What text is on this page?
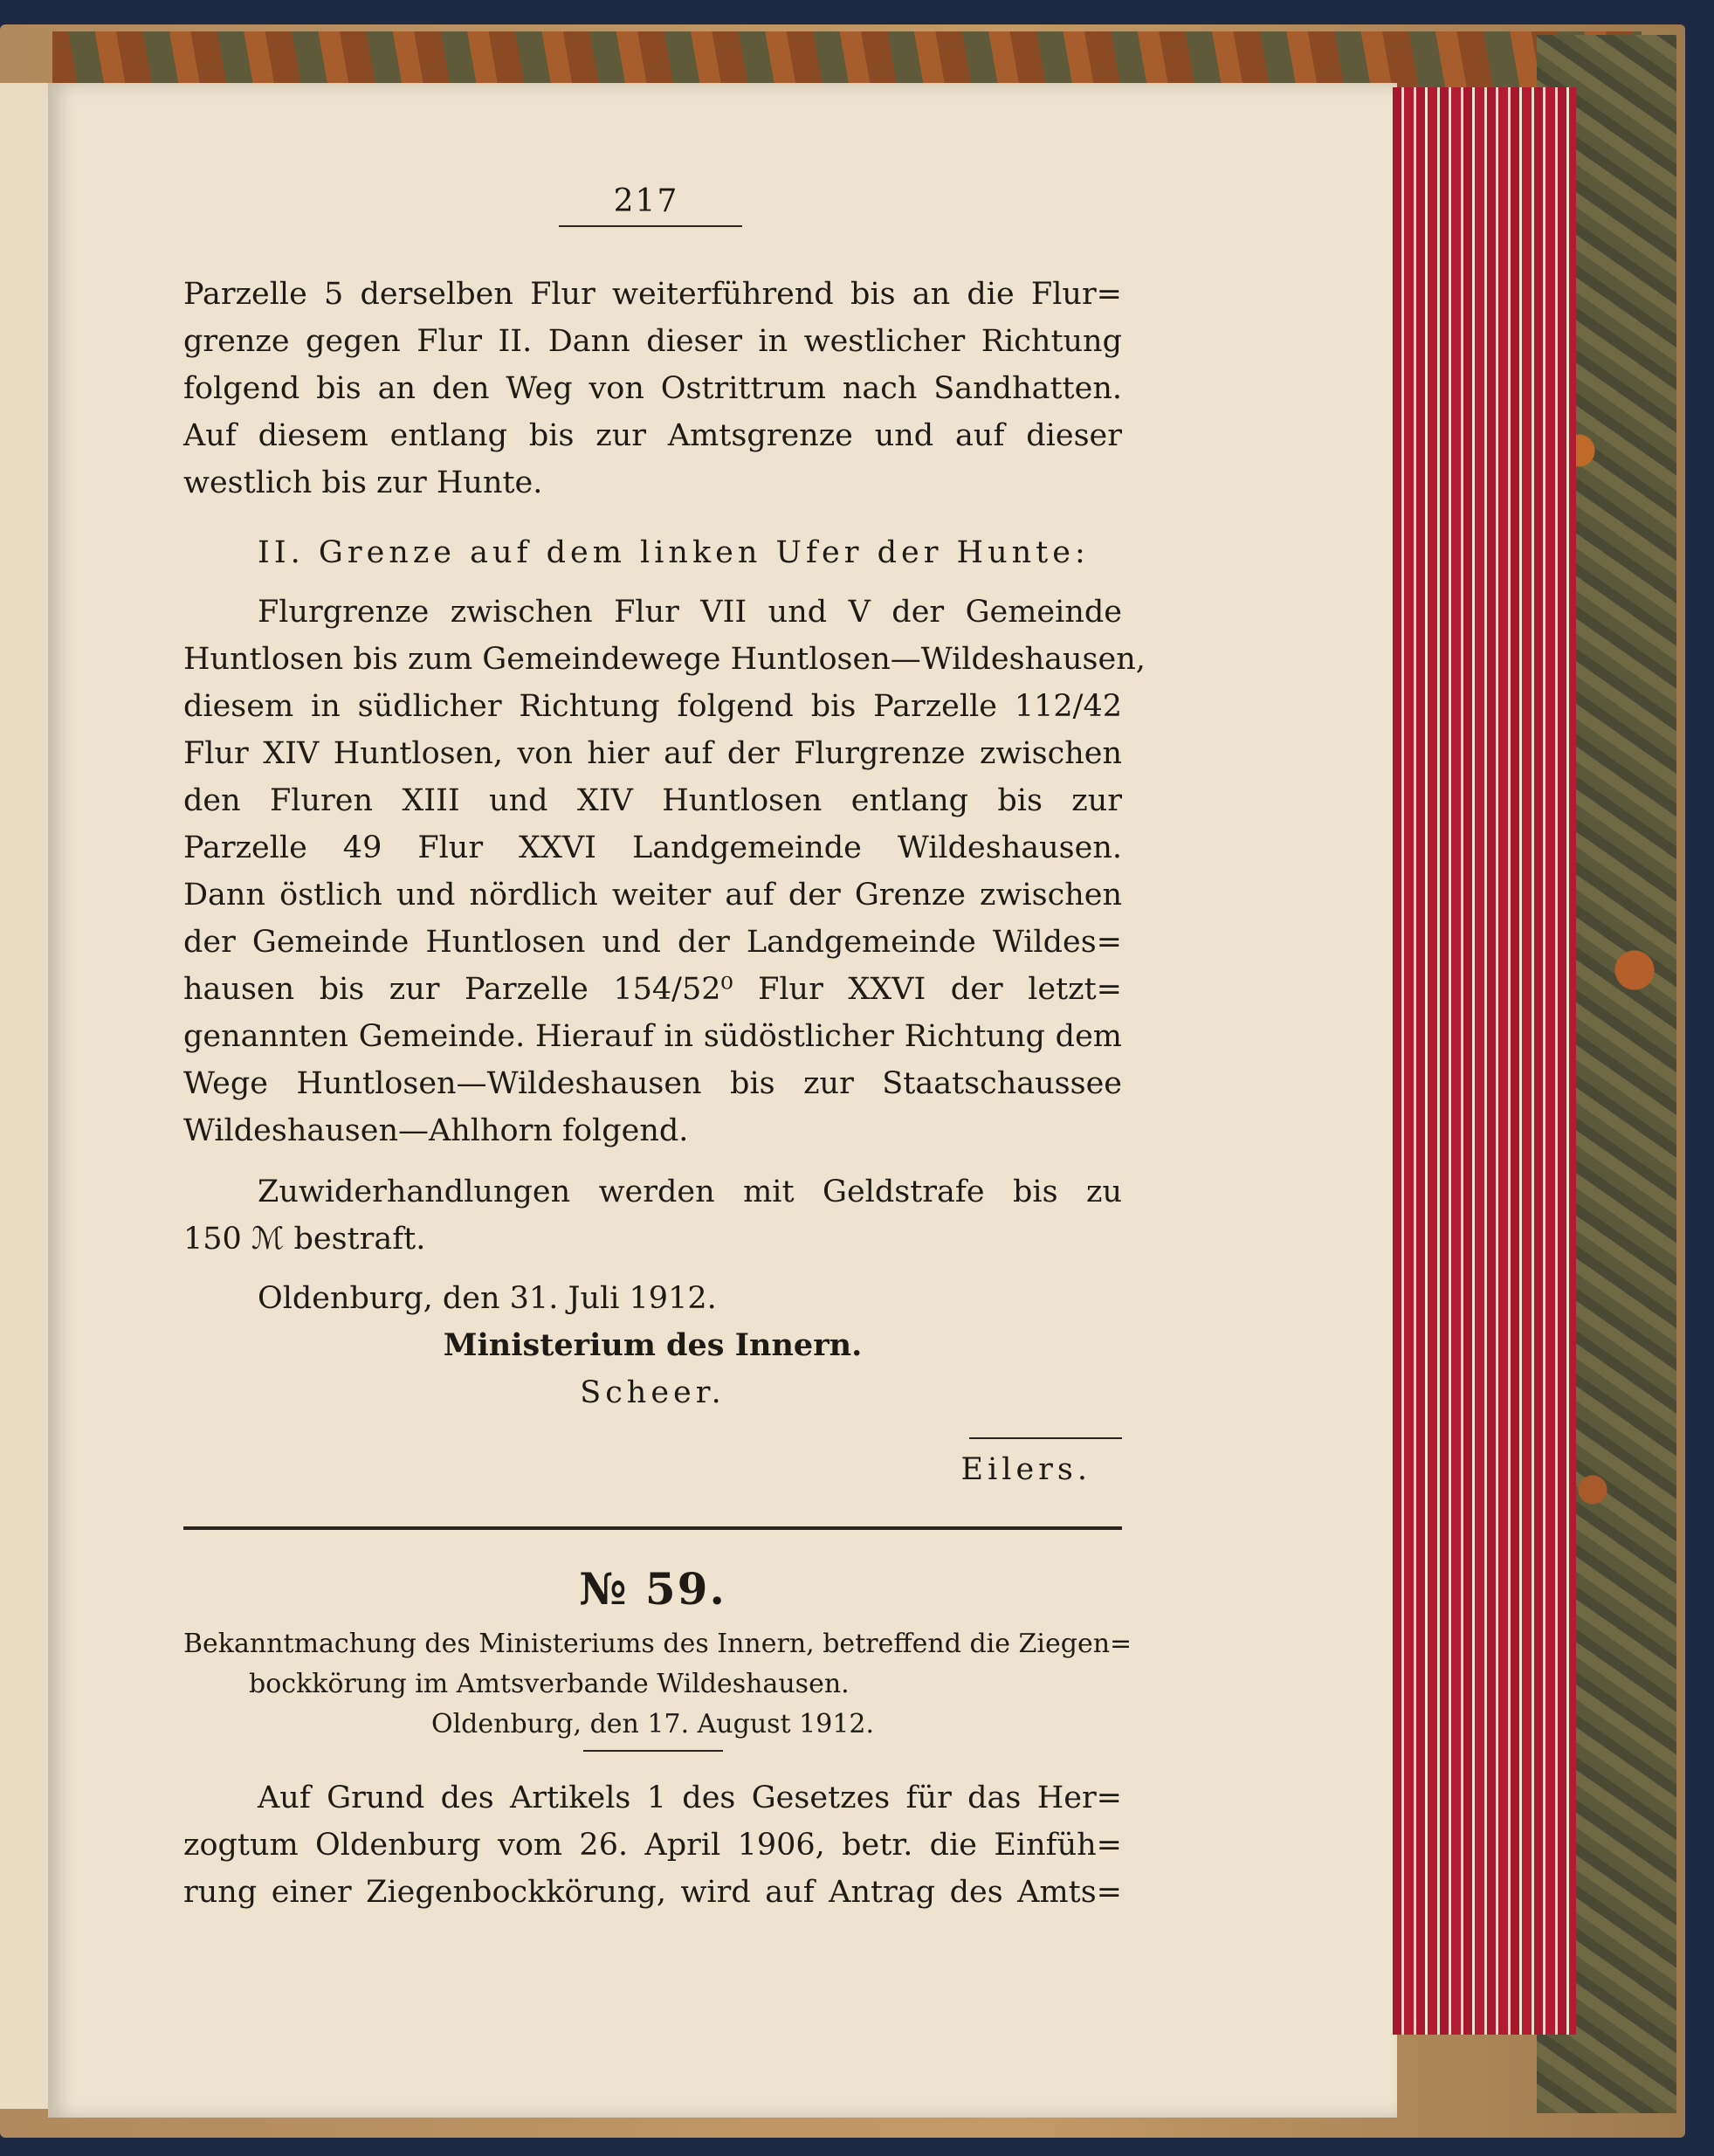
217
Parzelle 5 derselben Flur weiterführend bis an die Flur=
grenze gegen Flur II. Dann dieser in westlicher Richtung
folgend bis an den Weg von Ostrittrum nach Sandhatten.
Auf diesem entlang bis zur Amtsgrenze und auf dieser
westlich bis zur Hunte.
II. Grenze auf dem linken Ufer der Hunte:
Flurgrenze zwischen Flur VII und V der Gemeinde
Huntlosen bis zum Gemeindewege Huntlosen—Wildeshausen,
diesem in südlicher Richtung folgend bis Parzelle 112/42
Flur XIV Huntlosen, von hier auf der Flurgrenze zwischen
den Fluren XIII und XIV Huntlosen entlang bis zur
Parzelle 49 Flur XXVI Landgemeinde Wildeshausen.
Dann östlich und nördlich weiter auf der Grenze zwischen
der Gemeinde Huntlosen und der Landgemeinde Wildes=
hausen bis zur Parzelle 154/52⁰ Flur XXVI der letzt=
genannten Gemeinde. Hierauf in südöstlicher Richtung dem
Wege Huntlosen—Wildeshausen bis zur Staatschaussee
Wildeshausen—Ahlhorn folgend.
Zuwiderhandlungen werden mit Geldstrafe bis zu
150 ℳ bestraft.
Oldenburg, den 31. Juli 1912.
Ministerium des Innern.
Scheer.
Eilers.
№ 59.
Bekanntmachung des Ministeriums des Innern, betreffend die Ziegen=
bockkörung im Amtsverbande Wildeshausen.
Oldenburg, den 17. August 1912.
Auf Grund des Artikels 1 des Gesetzes für das Her=
zogtum Oldenburg vom 26. April 1906, betr. die Einfüh=
rung einer Ziegenbockkörung, wird auf Antrag des Amts=
